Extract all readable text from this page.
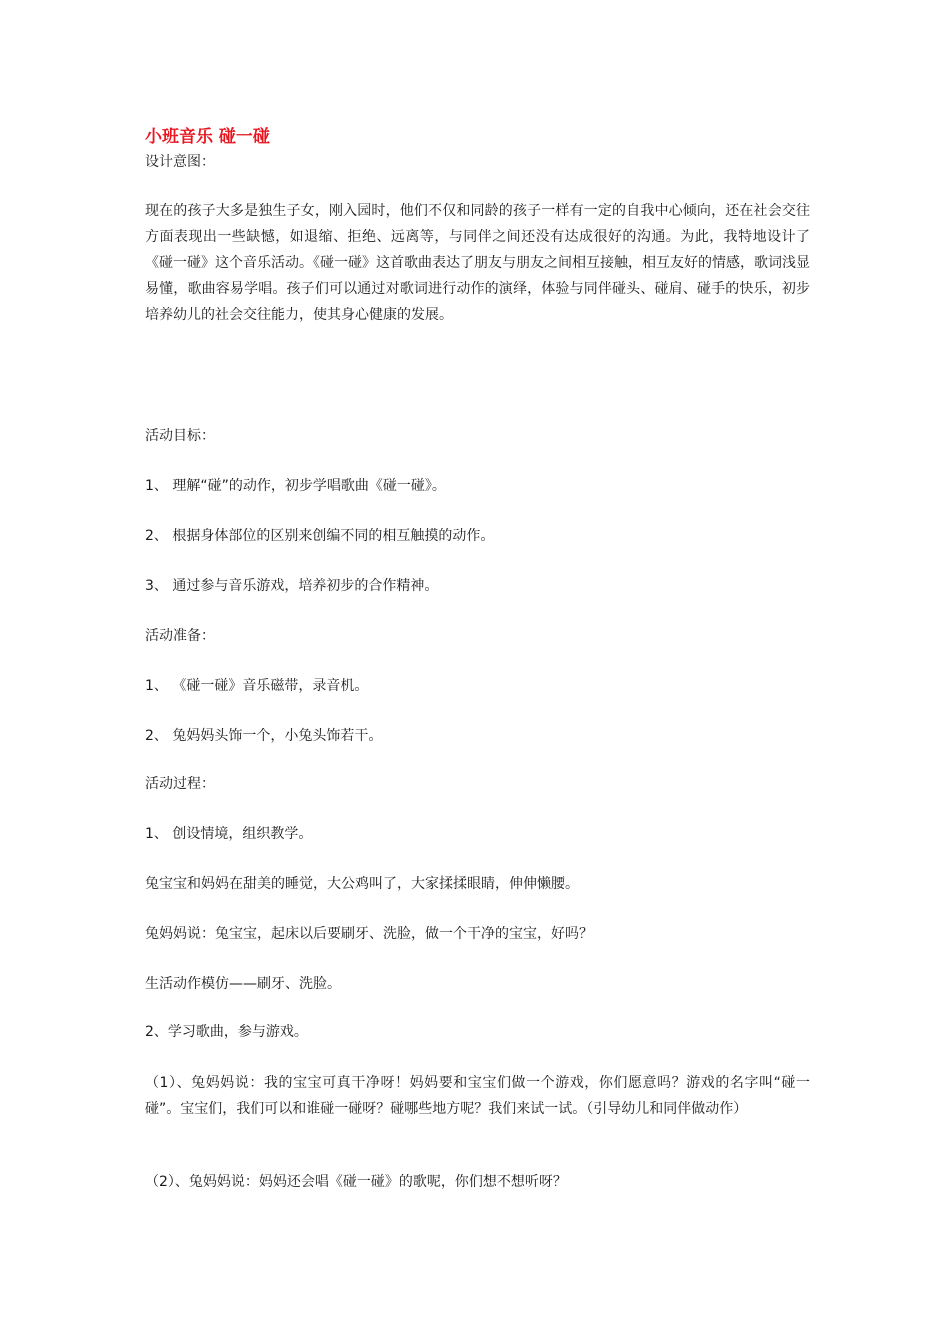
小班音乐 碰一碰
设计意图：
现在的孩子大多是独生子女，刚入园时，他们不仅和同龄的孩子一样有一定的自我中心倾向，还在社会交往方面表现出一些缺憾，如退缩、拒绝、远离等，与同伴之间还没有达成很好的沟通。为此，我特地设计了《碰一碰》这个音乐活动。《碰一碰》这首歌曲表达了朋友与朋友之间相互接触，相互友好的情感，歌词浅显易懂，歌曲容易学唱。孩子们可以通过对歌词进行动作的演绎，体验与同伴碰头、碰肩、碰手的快乐，初步培养幼儿的社会交往能力，使其身心健康的发展。
活动目标：
1、 理解“碰”的动作，初步学唱歌曲《碰一碰》。
2、 根据身体部位的区别来创编不同的相互触摸的动作。
3、 通过参与音乐游戏，培养初步的合作精神。
活动准备：
1、 《碰一碰》音乐磁带，录音机。
2、 兔妈妈头饰一个，小兔头饰若干。
活动过程：
1、 创设情境，组织教学。
兔宝宝和妈妈在甜美的睡觉，大公鸡叫了，大家揉揉眼睛，伸伸懒腰。
兔妈妈说：兔宝宝，起床以后要刷牙、洗脸，做一个干净的宝宝，好吗？
生活动作模仿——刷牙、洗脸。
2、学习歌曲，参与游戏。
（1）、兔妈妈说：我的宝宝可真干净呀！妈妈要和宝宝们做一个游戏，你们愿意吗？游戏的名字叫“碰一碰”。宝宝们，我们可以和谁碰一碰呀？碰哪些地方呢？我们来试一试。（引导幼儿和同伴做动作）
（2）、兔妈妈说：妈妈还会唱《碰一碰》的歌呢，你们想不想听呀？
